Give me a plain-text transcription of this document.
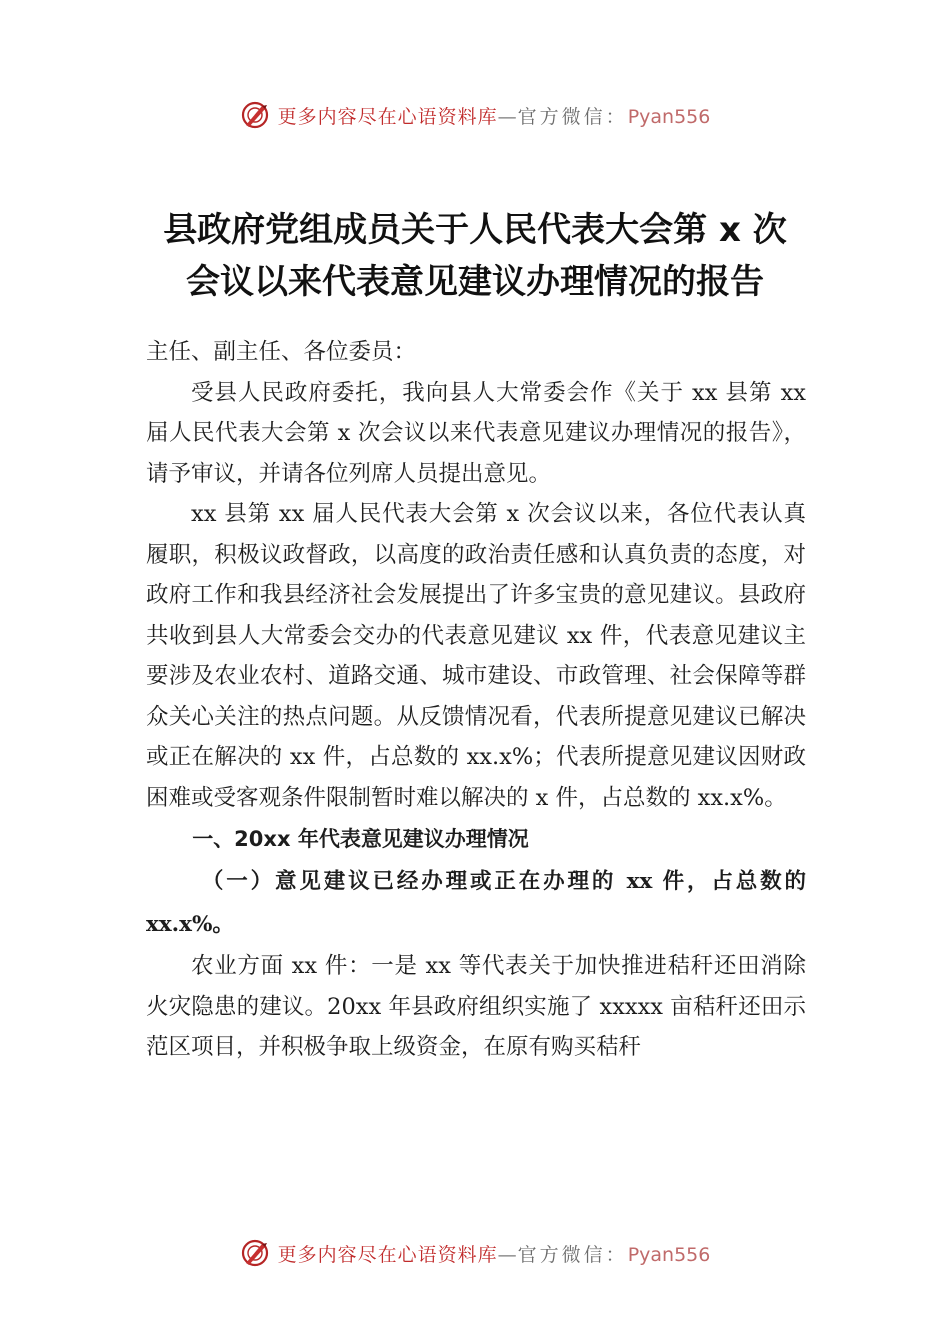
更多内容尽在心语资料库—官方微信：Pyan556
县政府党组成员关于人民代表大会第 x 次
会议以来代表意见建议办理情况的报告

主任、副主任、各位委员：

受县人民政府委托，我向县人大常委会作《关于 xx 县第 xx 届人民代表大会第 x 次会议以来代表意见建议办理情况的报告》，请予审议，并请各位列席人员提出意见。

xx 县第 xx 届人民代表大会第 x 次会议以来，各位代表认真履职，积极议政督政，以高度的政治责任感和认真负责的态度，对政府工作和我县经济社会发展提出了许多宝贵的意见建议。县政府共收到县人大常委会交办的代表意见建议 xx 件，代表意见建议主要涉及农业农村、道路交通、城市建设、市政管理、社会保障等群众关心关注的热点问题。从反馈情况看，代表所提意见建议已解决或正在解决的 xx 件，占总数的 xx.x%；代表所提意见建议因财政困难或受客观条件限制暂时难以解决的 x 件，占总数的 xx.x%。

一、20xx 年代表意见建议办理情况

（一）意见建议已经办理或正在办理的 xx 件，占总数的 xx.x%。

农业方面 xx 件：一是 xx 等代表关于加快推进秸秆还田消除火灾隐患的建议。20xx 年县政府组织实施了 xxxxx 亩秸秆还田示范区项目，并积极争取上级资金，在原有购买秸秆

更多内容尽在心语资料库—官方微信：Pyan556
